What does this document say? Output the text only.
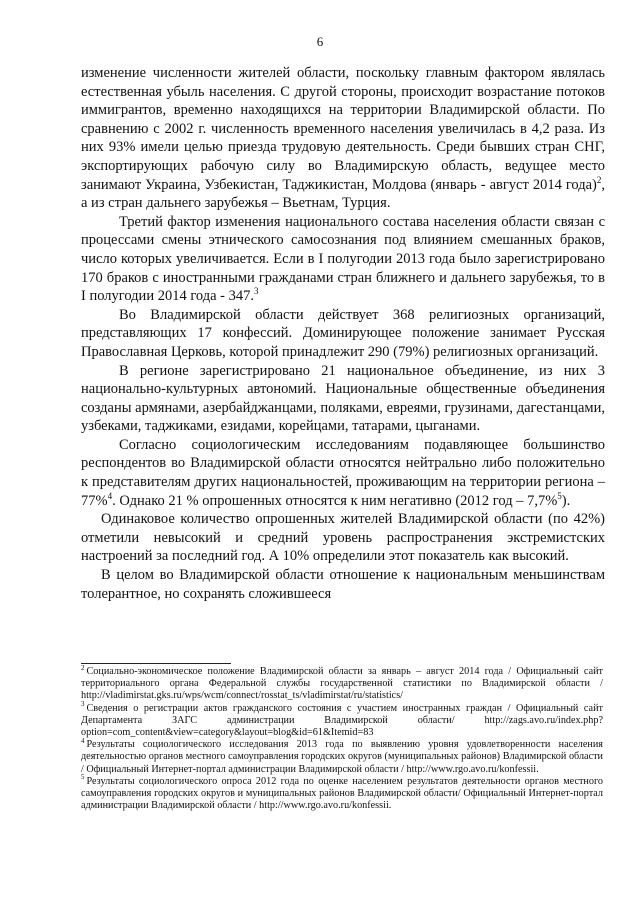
6

изменение численности жителей области, поскольку главным фактором являлась естественная убыль населения. С другой стороны, происходит возрастание потоков иммигрантов, временно находящихся на территории Владимирской области. По сравнению с 2002 г. численность временного населения увеличилась в 4,2 раза. Из них 93% имели целью приезда трудовую деятельность. Среди бывших стран СНГ, экспортирующих рабочую силу во Владимирскую область, ведущее место занимают Украина, Узбекистан, Таджикистан, Молдова (январь - август 2014 года)$^2$, а из стран дальнего зарубежья – Вьетнам, Турция.

Третий фактор изменения национального состава населения области связан с процессами смены этнического самосознания под влиянием смешанных браков, число которых увеличивается. Если в I полугодии 2013 года было зарегистрировано 170 браков с иностранными гражданами стран ближнего и дальнего зарубежья, то в I полугодии 2014 года - 347.$^3$

Во Владимирской области действует 368 религиозных организаций, представляющих 17 конфессий. Доминирующее положение занимает Русская Православная Церковь, которой принадлежит 290 (79%) религиозных организаций.

В регионе зарегистрировано 21 национальное объединение, из них 3 национально-культурных автономий. Национальные общественные объединения созданы армянами, азербайджанцами, поляками, евреями, грузинами, дагестанцами, узбеками, таджиками, езидами, корейцами, татарами, цыганами.

Согласно социологическим исследованиям подавляющее большинство респондентов во Владимирской области относятся нейтрально либо положительно к представителям других национальностей, проживающим на территории региона – 77%$^4$. Однако 21 % опрошенных относятся к ним негативно (2012 год – 7,7%$^5$).

Одинаковое количество опрошенных жителей Владимирской области (по 42%) отметили невысокий и средний уровень распространения экстремистских настроений за последний год. А 10% определили этот показатель как высокий.

В целом во Владимирской области отношение к национальным меньшинствам толерантное, но сохранять сложившееся

$^2$ Социально-экономическое положение Владимирской области за январь – август 2014 года / Официальный сайт территориального органа Федеральной службы государственной статистики по Владимирской области / http://vladimirstat.gks.ru/wps/wcm/connect/rosstat_ts/vladimirstat/ru/statistics/

$^3$ Сведения о регистрации актов гражданского состояния с участием иностранных граждан / Официальный сайт Департамента ЗАГС администрации Владимирской области/ http://zags.avo.ru/index.php?option=com_content&view=category&layout=blog&id=61&Itemid=83

$^4$ Результаты социологического исследования 2013 года по выявлению уровня удовлетворенности населения деятельностью органов местного самоуправления городских округов (муниципальных районов) Владимирской области / Официальный Интернет-портал администрации Владимирской области / http://www.rgo.avo.ru/konfessii.

$^5$ Результаты социологического опроса 2012 года по оценке населением результатов деятельности органов местного самоуправления городских округов и муниципальных районов Владимирской области/ Официальный Интернет-портал администрации Владимирской области / http://www.rgo.avo.ru/konfessii.
